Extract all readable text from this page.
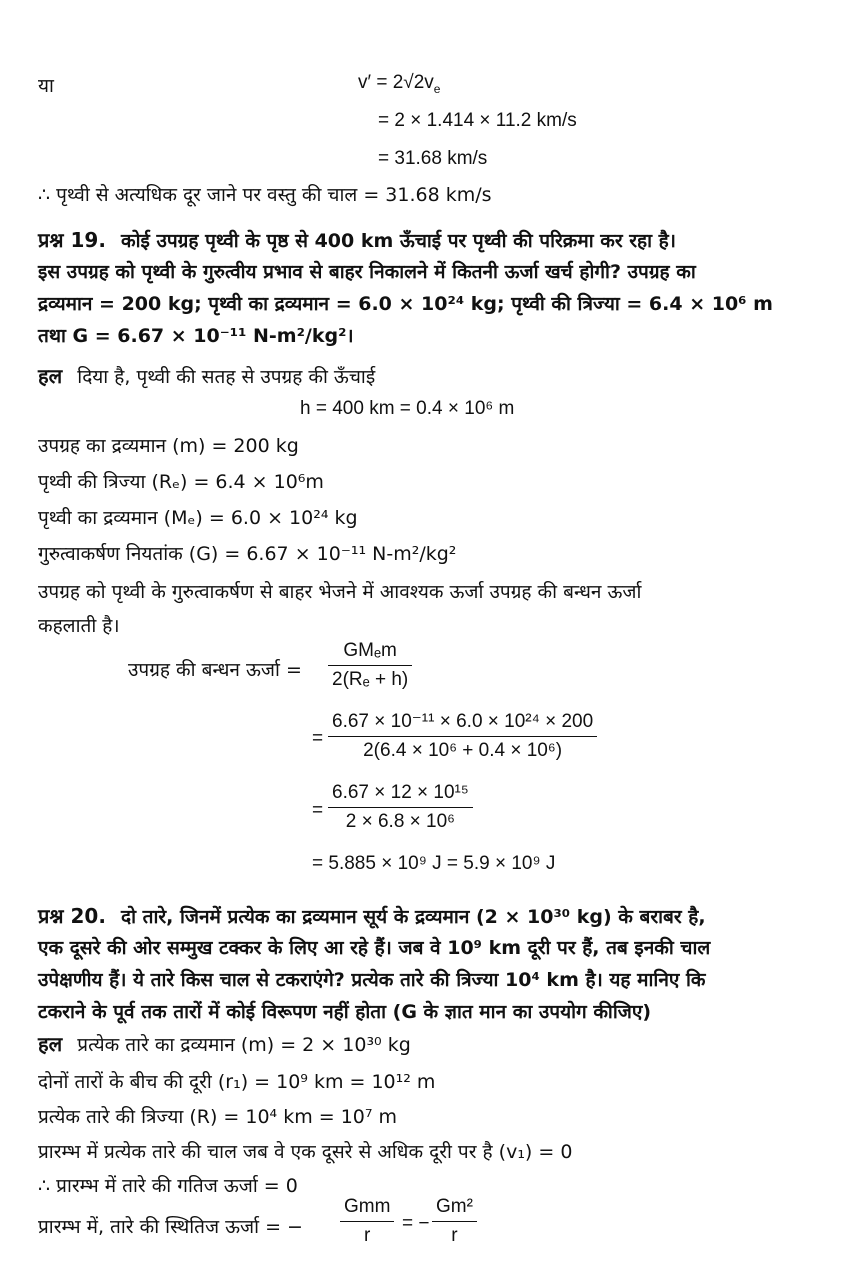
या	$v' = 2√2v_e$
= 2 × 1.414 × 11.2 km/s
= 31.68 km/s
∴ पृथ्वी से अत्यधिक दूर जाने पर वस्तु की चाल = 31.68 km/s
प्रश्न 19. कोई उपग्रह पृथ्वी के पृष्ठ से 400 km ऊँचाई पर पृथ्वी की परिक्रमा कर रहा है।
इस उपग्रह को पृथ्वी के गुरुत्वीय प्रभाव से बाहर निकालने में कितनी ऊर्जा खर्च होगी? उपग्रह का
द्रव्यमान = 200 kg; पृथ्वी का द्रव्यमान = 6.0 × 10²⁴ kg; पृथ्वी की त्रिज्या = 6.4 × 10⁶ m
तथा G = 6.67 × 10⁻¹¹ N-m²/kg²।
हल दिया है, पृथ्वी की सतह से उपग्रह की ऊँचाई
h = 400 km = 0.4 × 10⁶ m
उपग्रह का द्रव्यमान (m) = 200 kg
पृथ्वी की त्रिज्या (Rₑ) = 6.4 × 10⁶m
पृथ्वी का द्रव्यमान (Mₑ) = 6.0 × 10²⁴ kg
गुरुत्वाकर्षण नियतांक (G) = 6.67 × 10⁻¹¹ N-m²/kg²
उपग्रह को पृथ्वी के गुरुत्वाकर्षण से बाहर भेजने में आवश्यक ऊर्जा उपग्रह की बन्धन ऊर्जा
कहलाती है।
उपग्रह की बन्धन ऊर्जा =
GMₑm
2(Rₑ + h)
= $\frac{\text{6.67 × 10⁻¹¹ × 6.0 × 10²⁴ × 200}}{\text{2(6.4 × 10⁶ + 0.4 × 10⁶)}}$
= $\frac{\text{6.67 × 12 × 10¹⁵}}{\text{2 × 6.8 × 10⁶}}$
= 5.885 × 10⁹ J = 5.9 × 10⁹ J
प्रश्न 20. दो तारे, जिनमें प्रत्येक का द्रव्यमान सूर्य के द्रव्यमान (2 × 10³⁰ kg) के बराबर है,
एक दूसरे की ओर सम्मुख टक्कर के लिए आ रहे हैं। जब वे 10⁹ km दूरी पर हैं, तब इनकी चाल
उपेक्षणीय हैं। ये तारे किस चाल से टकराएंगे? प्रत्येक तारे की त्रिज्या 10⁴ km है। यह मानिए कि
टकराने के पूर्व तक तारों में कोई विरूपण नहीं होता (G के ज्ञात मान का उपयोग कीजिए)
हल प्रत्येक तारे का द्रव्यमान (m) = 2 × 10³⁰ kg
दोनों तारों के बीच की दूरी (r₁) = 10⁹ km = 10¹² m
प्रत्येक तारे की त्रिज्या (R) = 10⁴ km = 10⁷ m
प्रारम्भ में प्रत्येक तारे की चाल जब वे एक दूसरे से अधिक दूरी पर है (v₁) = 0
∴ प्रारम्भ में तारे की गतिज ऊर्जा = 0
प्रारम्भ में, तारे की स्थितिज ऊर्जा = −
Gmm
r
= − $\frac{\text{Gm²}}{r}$
